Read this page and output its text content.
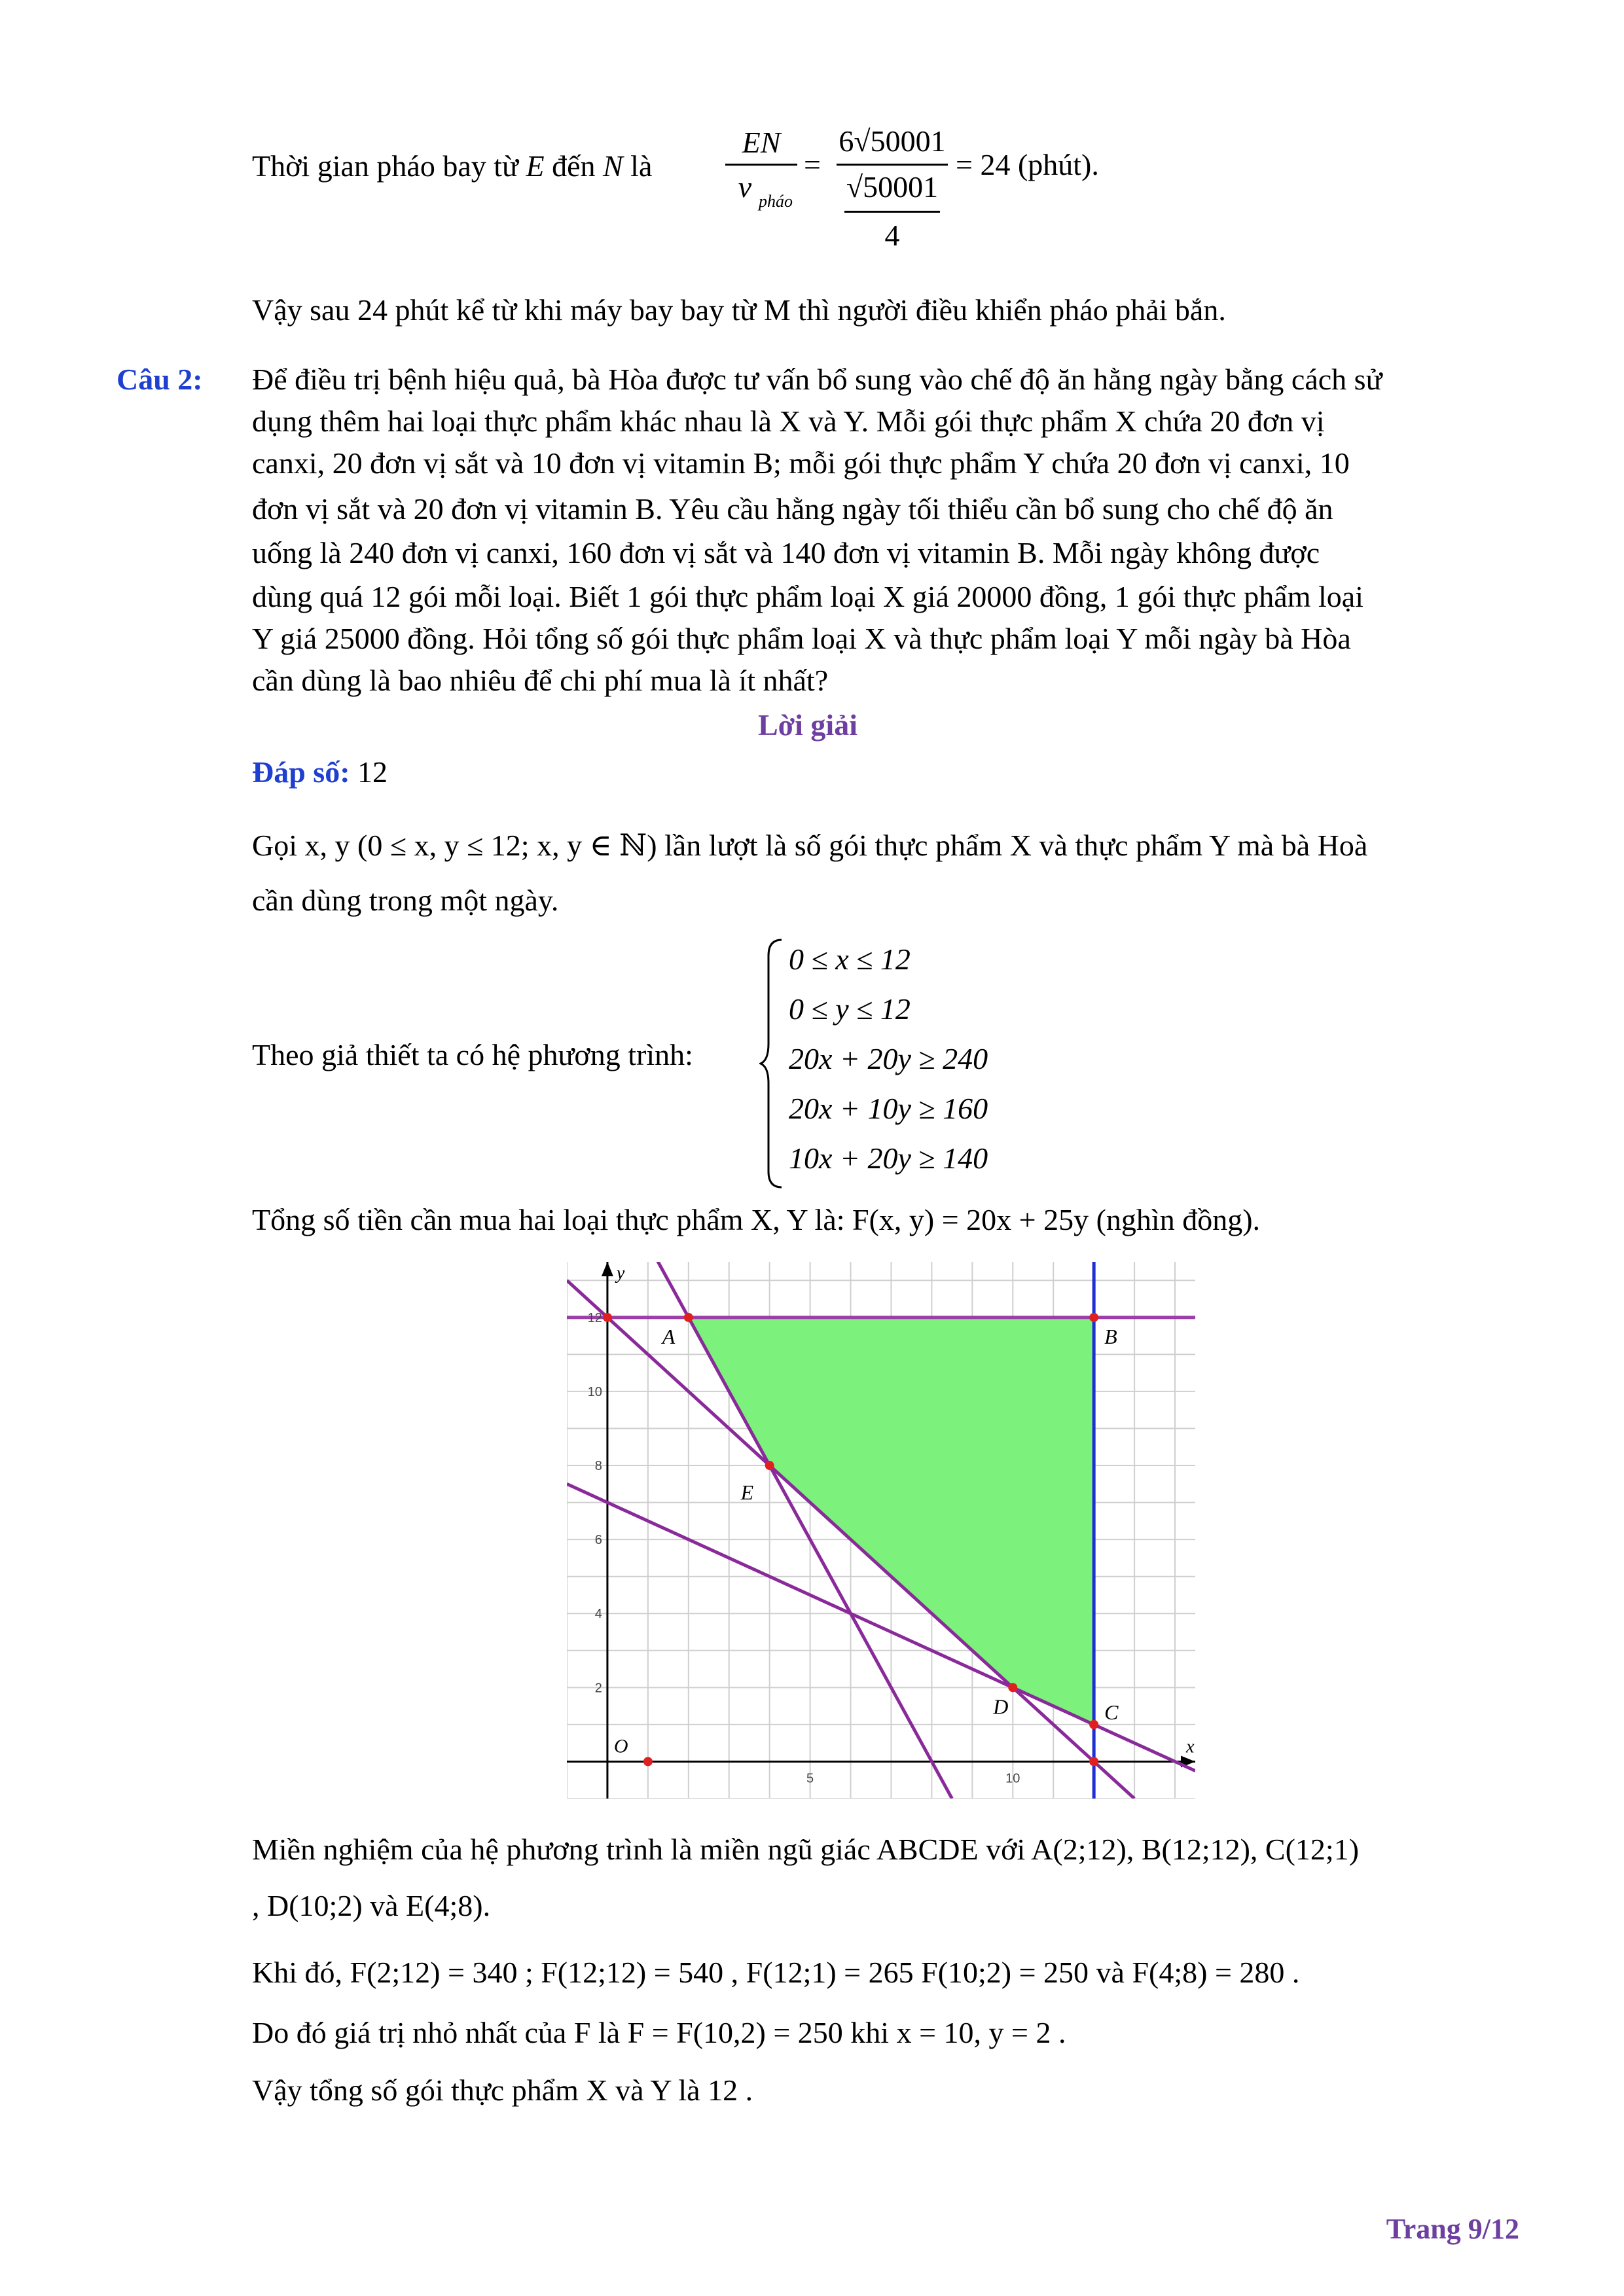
Thời gian pháo bay từ E đến N là
EN
v pháo
=
6√50001
√50001
4
= 24 (phút).
Vậy sau 24 phút kể từ khi máy bay bay từ M thì người điều khiển pháo phải bắn.
Câu 2: Để điều trị bệnh hiệu quả, bà Hòa được tư vấn bổ sung vào chế độ ăn hằng ngày bằng cách sử
dụng thêm hai loại thực phẩm khác nhau là X và Y. Mỗi gói thực phẩm X chứa 20 đơn vị
canxi, 20 đơn vị sắt và 10 đơn vị vitamin B; mỗi gói thực phẩm Y chứa 20 đơn vị canxi, 10
đơn vị sắt và 20 đơn vị vitamin B. Yêu cầu hằng ngày tối thiểu cần bổ sung cho chế độ ăn
uống là 240 đơn vị canxi, 160 đơn vị sắt và 140 đơn vị vitamin B. Mỗi ngày không được
dùng quá 12 gói mỗi loại. Biết 1 gói thực phẩm loại X giá 20000 đồng, 1 gói thực phẩm loại
Y giá 25000 đồng. Hỏi tổng số gói thực phẩm loại X và thực phẩm loại Y mỗi ngày bà Hòa
cần dùng là bao nhiêu để chi phí mua là ít nhất?
Lời giải
Đáp số: 12
Gọi x, y (0 ≤ x, y ≤ 12; x, y ∈ ℕ) lần lượt là số gói thực phẩm X và thực phẩm Y mà bà Hoà
cần dùng trong một ngày.
Theo giả thiết ta có hệ phương trình:
0 ≤ x ≤ 12
0 ≤ y ≤ 12
20x + 20y ≥ 240
20x + 10y ≥ 160
10x + 20y ≥ 140
Tổng số tiền cần mua hai loại thực phẩm X, Y là: F(x, y) = 20x + 25y (nghìn đồng).
5	10
2
4
6
8
10
12
x
y
O
A	B
C
D
E
Miền nghiệm của hệ phương trình là miền ngũ giác ABCDE với A(2;12), B(12;12), C(12;1)
, D(10;2) và E(4;8).
Khi đó, F(2;12) = 340 ; F(12;12) = 540 , F(12;1) = 265 F(10;2) = 250 và F(4;8) = 280 .
Do đó giá trị nhỏ nhất của F là F = F(10,2) = 250 khi x = 10, y = 2 .
Vậy tổng số gói thực phẩm X và Y là 12 .
Trang 9/12
